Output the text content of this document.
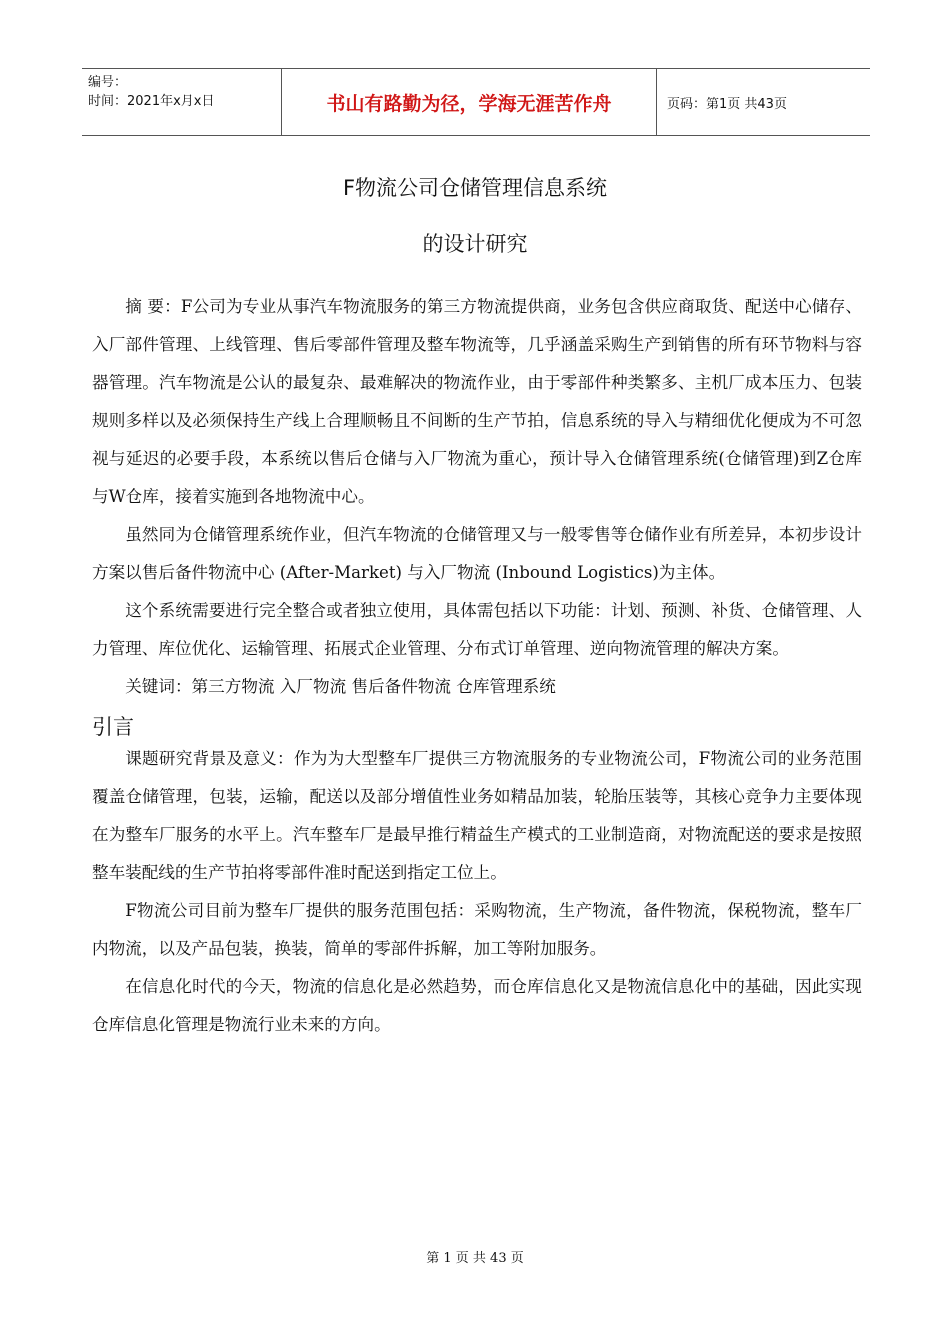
编号：
时间：2021年x月x日	书山有路勤为径，学海无涯苦作舟	页码：第1页 共43页
F物流公司仓储管理信息系统
的设计研究

摘 要：F公司为专业从事汽车物流服务的第三方物流提供商，业务包含供应商取货、配送中心储存、入厂部件管理、上线管理、售后零部件管理及整车物流等，几乎涵盖采购生产到销售的所有环节物料与容器管理。汽车物流是公认的最复杂、最难解决的物流作业，由于零部件种类繁多、主机厂成本压力、包装规则多样以及必须保持生产线上合理顺畅且不间断的生产节拍，信息系统的导入与精细优化便成为不可忽视与延迟的必要手段，本系统以售后仓储与入厂物流为重心，预计导入仓储管理系统(仓储管理)到Z仓库与W仓库，接着实施到各地物流中心。

虽然同为仓储管理系统作业，但汽车物流的仓储管理又与一般零售等仓储作业有所差异，本初步设计方案以售后备件物流中心 (After-Market) 与入厂物流 (Inbound Logistics)为主体。

这个系统需要进行完全整合或者独立使用，具体需包括以下功能：计划、预测、补货、仓储管理、人力管理、库位优化、运输管理、拓展式企业管理、分布式订单管理、逆向物流管理的解决方案。

关键词：第三方物流 入厂物流 售后备件物流 仓库管理系统

引言

课题研究背景及意义：作为为大型整车厂提供三方物流服务的专业物流公司，F物流公司的业务范围覆盖仓储管理，包装，运输，配送以及部分增值性业务如精品加装，轮胎压装等，其核心竞争力主要体现在为整车厂服务的水平上。汽车整车厂是最早推行精益生产模式的工业制造商，对物流配送的要求是按照整车装配线的生产节拍将零部件准时配送到指定工位上。

F物流公司目前为整车厂提供的服务范围包括：采购物流，生产物流，备件物流，保税物流，整车厂内物流，以及产品包装，换装，简单的零部件拆解，加工等附加服务。

在信息化时代的今天，物流的信息化是必然趋势，而仓库信息化又是物流信息化中的基础，因此实现仓库信息化管理是物流行业未来的方向。

第 1 页 共 43 页
